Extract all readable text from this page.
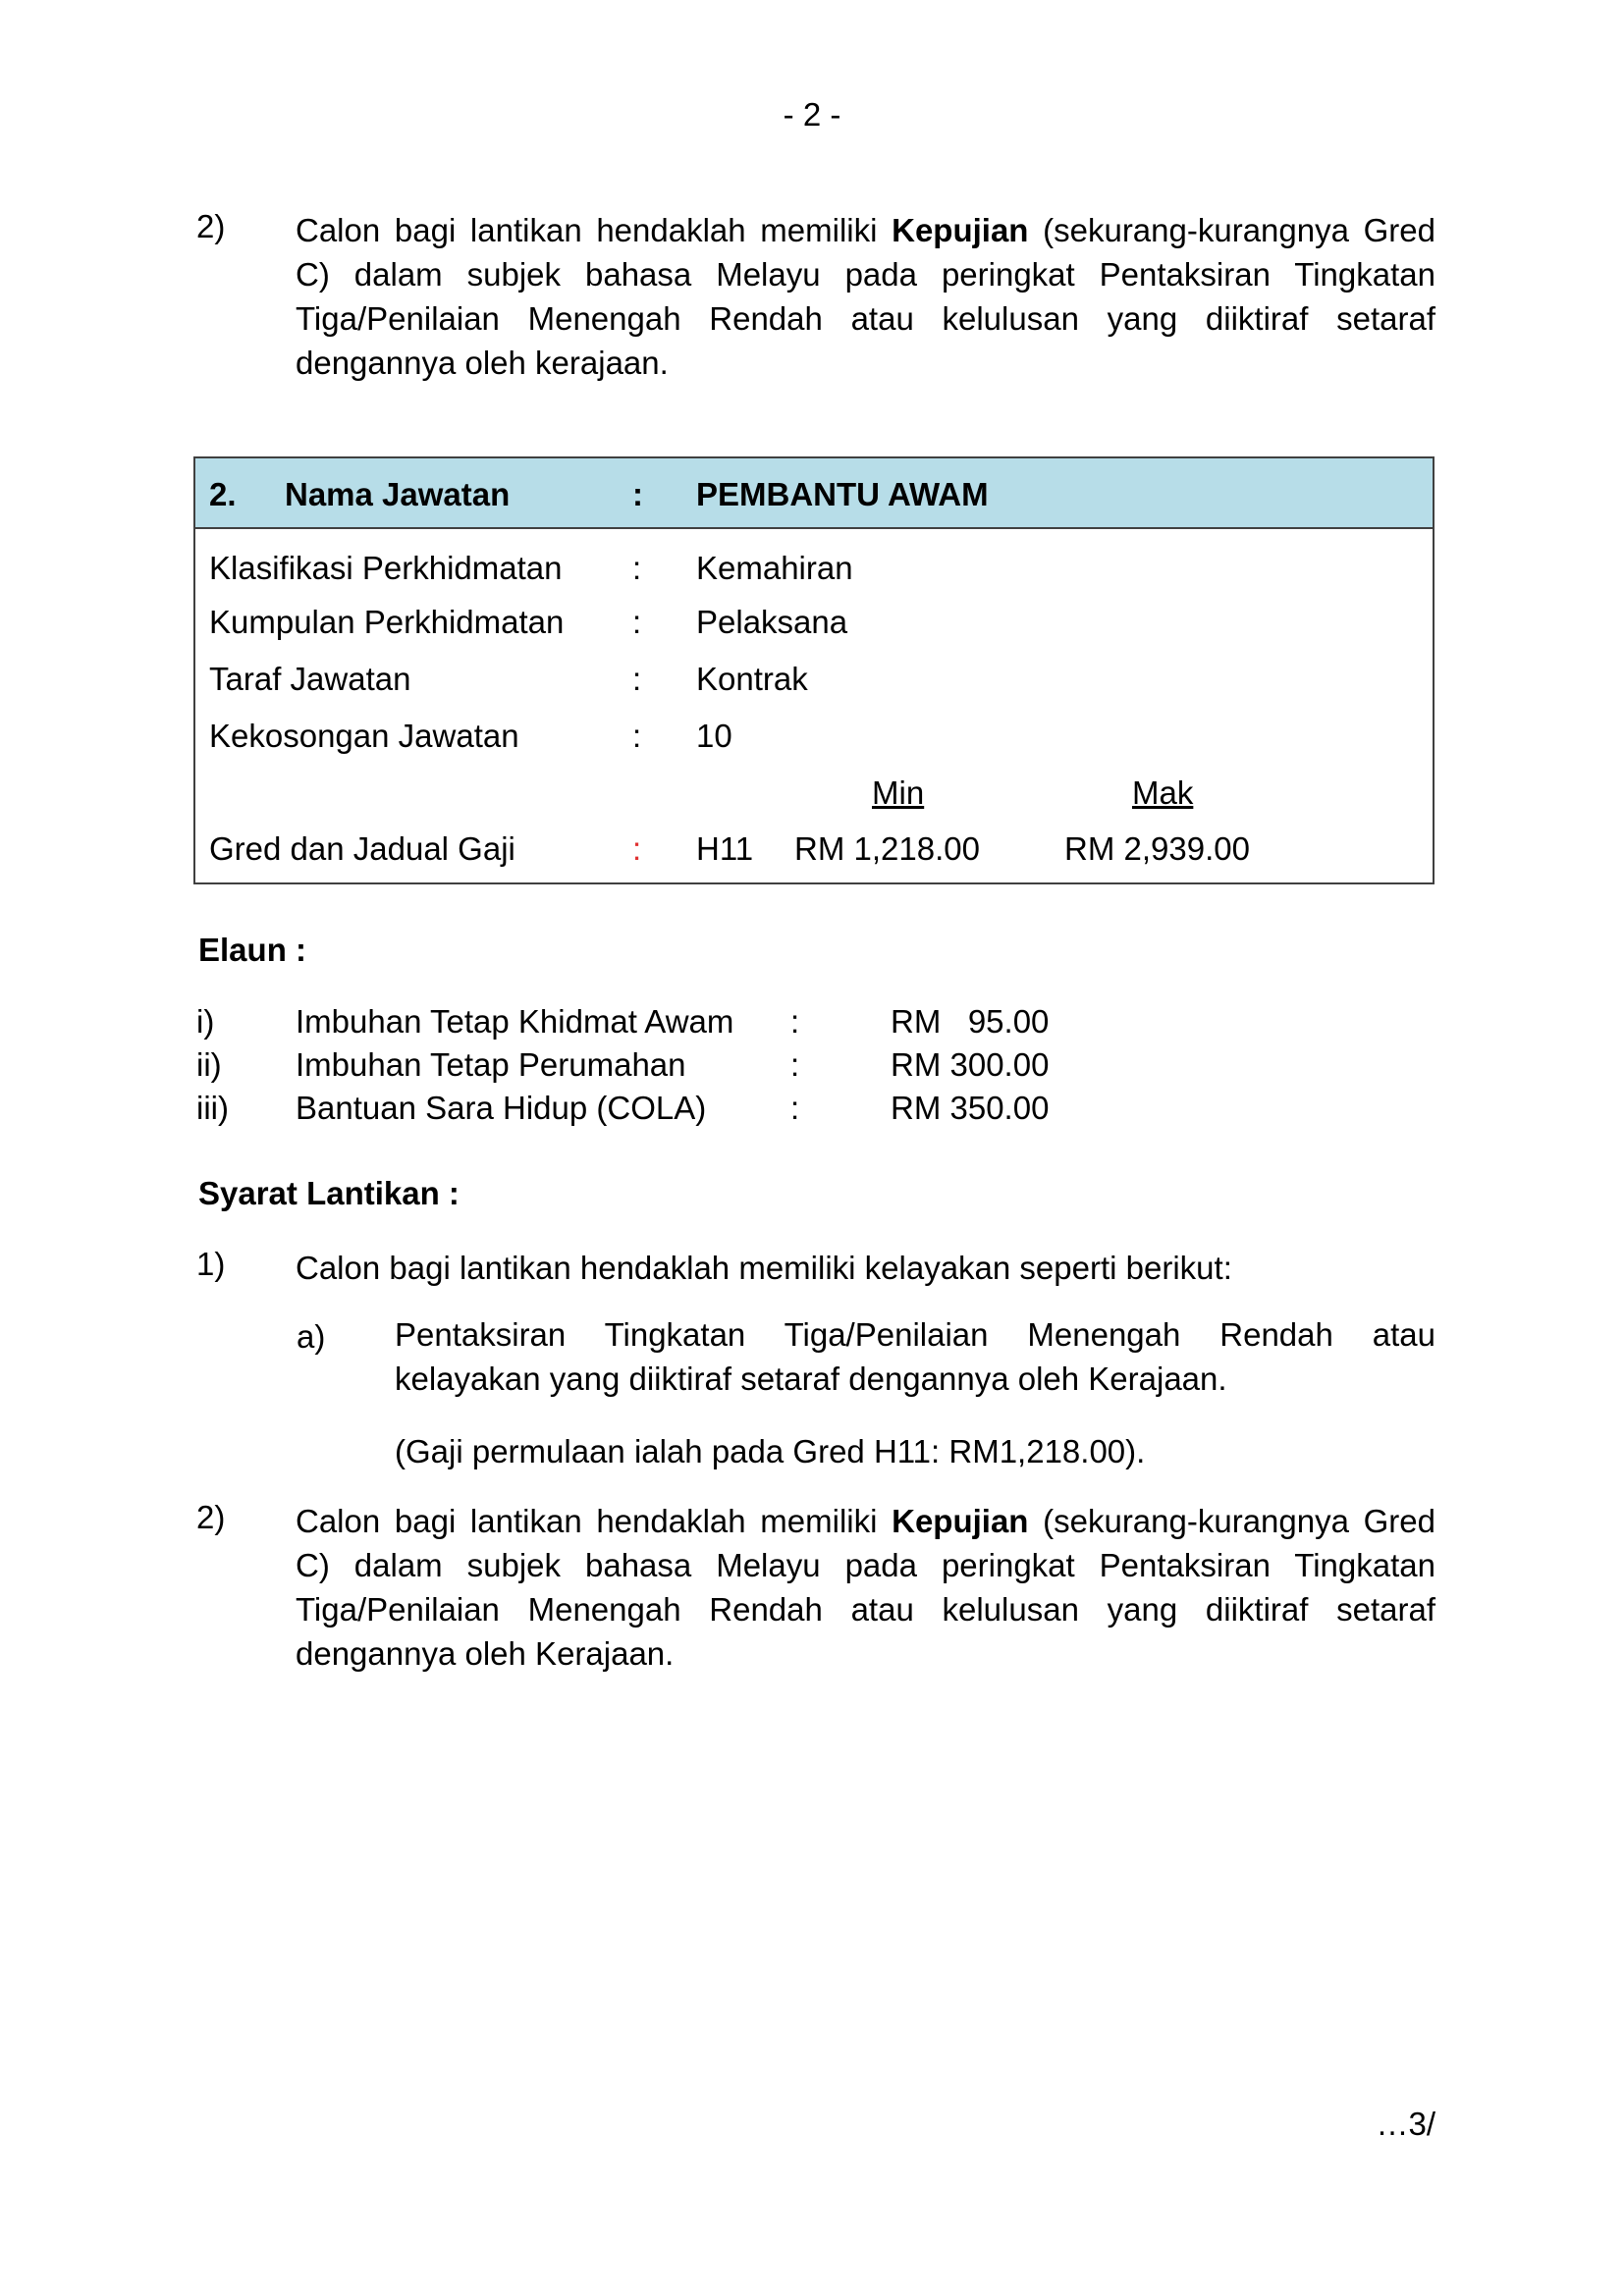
- 2 -
2) Calon bagi lantikan hendaklah memiliki Kepujian (sekurang-kurangnya Gred C) dalam subjek bahasa Melayu pada peringkat Pentaksiran Tingkatan Tiga/Penilaian Menengah Rendah atau kelulusan yang diiktiraf setaraf dengannya oleh kerajaan.
2. Nama Jawatan	: PEMBANTU AWAM
Klasifikasi Perkhidmatan : Kemahiran
Kumpulan Perkhidmatan : Pelaksana
Taraf Jawatan	: Kontrak
Kekosongan Jawatan	: 10
Min	Mak
Gred dan Jadual Gaji	: H11 RM 1,218.00	RM 2,939.00
Elaun :
i)	Imbuhan Tetap Khidmat Awam :	RM   95.00
ii) Imbuhan Tetap Perumahan	:	RM 300.00
iii) Bantuan Sara Hidup (COLA)	:	RM 350.00
Syarat Lantikan :
1) Calon bagi lantikan hendaklah memiliki kelayakan seperti berikut:
a) Pentaksiran Tingkatan Tiga/Penilaian Menengah Rendah atau kelayakan yang diiktiraf setaraf dengannya oleh Kerajaan.
(Gaji permulaan ialah pada Gred H11: RM1,218.00).
2) Calon bagi lantikan hendaklah memiliki Kepujian (sekurang-kurangnya Gred C) dalam subjek bahasa Melayu pada peringkat Pentaksiran Tingkatan Tiga/Penilaian Menengah Rendah atau kelulusan yang diiktiraf setaraf dengannya oleh Kerajaan.
…3/
